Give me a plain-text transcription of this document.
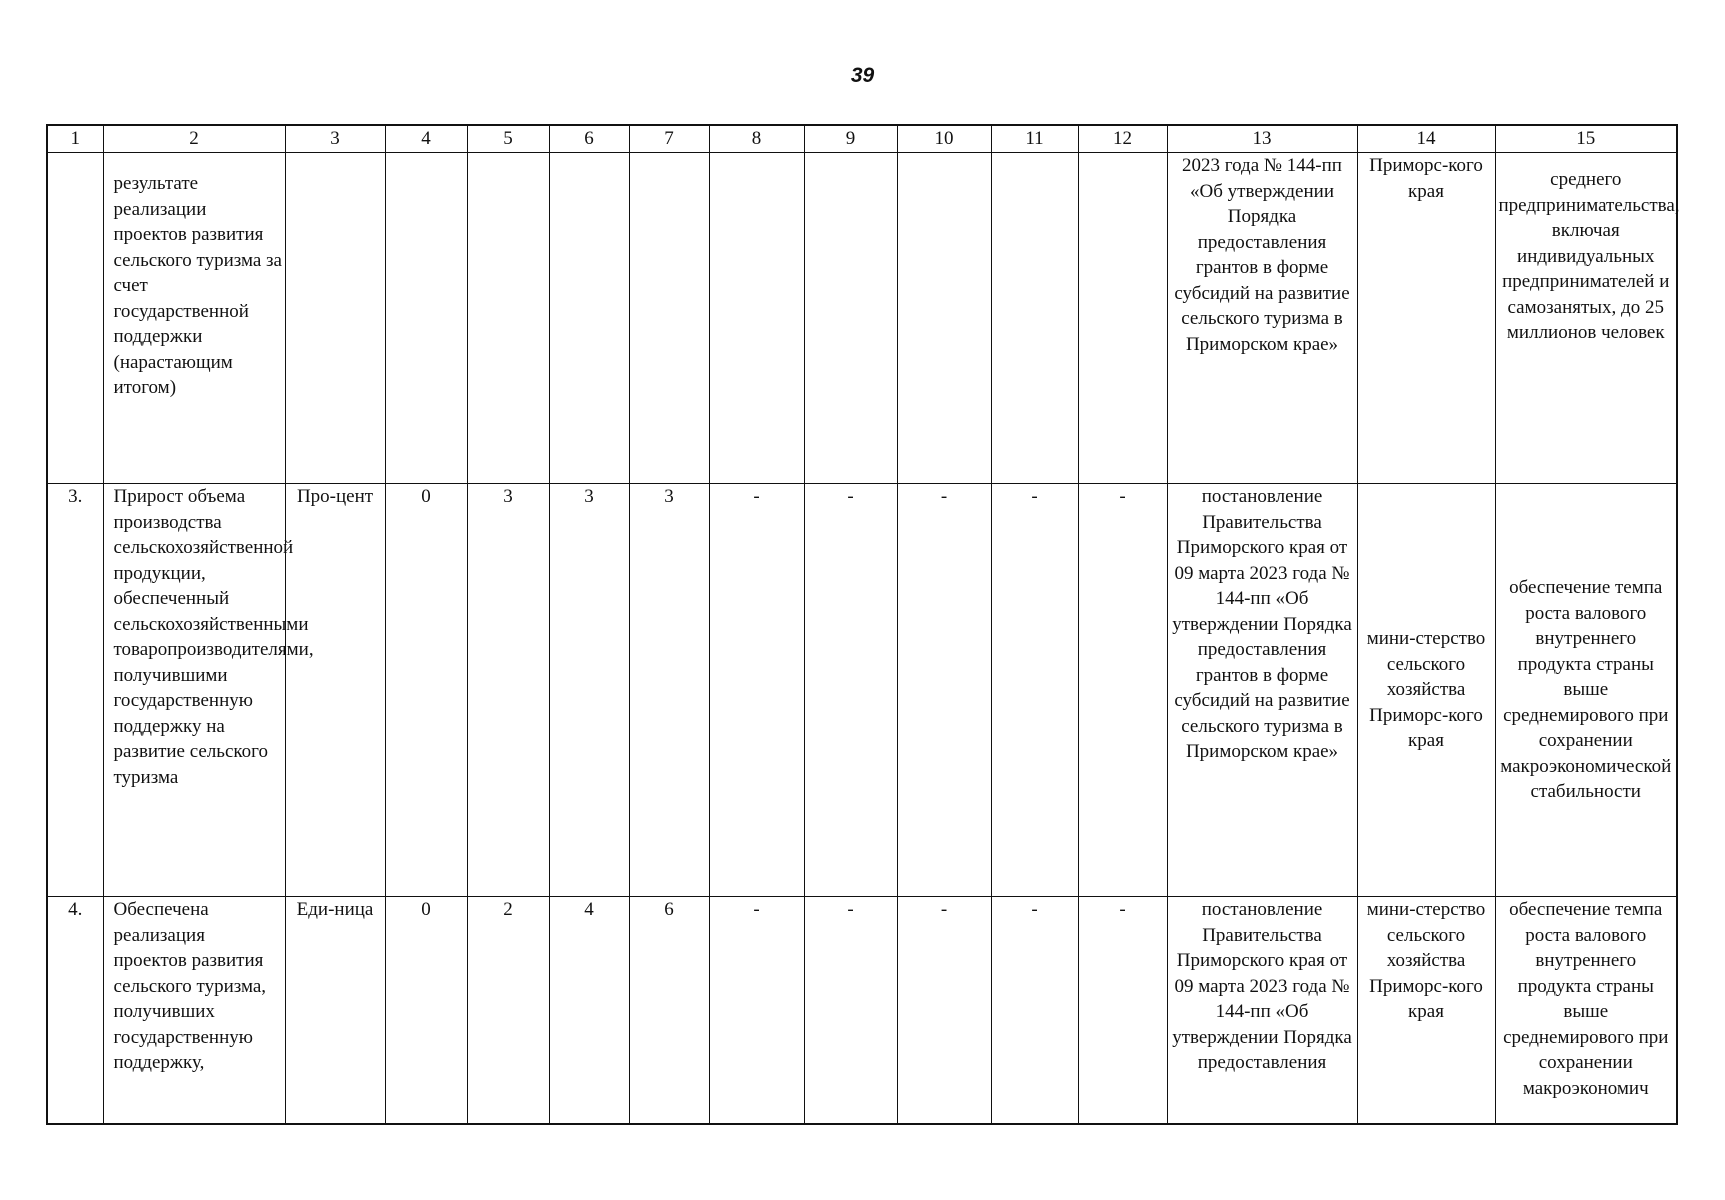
39
1	2	3	4	5	6	7	8	9	10	11	12	13	14	15
	результате реализации проектов развития сельского туризма за счет государственной поддержки (нарастающим итогом)											2023 года № 144-пп «Об утверждении Порядка предоставления грантов в форме субсидий на развитие сельского туризма в Приморском крае»	Приморс-кого края	среднего предпринимательства, включая индивидуальных предпринимателей и самозанятых, до 25 миллионов человек
3.	Прирост объема производства сельскохозяйственной продукции, обеспеченный сельскохозяйственными товаропроизводителями, получившими государственную поддержку на развитие сельского туризма	Про-цент	0	3	3	3	-	-	-	-	-	постановление Правительства Приморского края от 09 марта 2023 года № 144-пп «Об утверждении Порядка предоставления грантов в форме субсидий на развитие сельского туризма в Приморском крае»	мини-стерство сельского хозяйства Приморс-кого края	обеспечение темпа роста валового внутреннего продукта страны выше среднемирового при сохранении макроэкономической стабильности
4.	Обеспечена реализация проектов развития сельского туризма, получивших государственную поддержку,	Еди-ница	0	2	4	6	-	-	-	-	-	постановление Правительства Приморского края от 09 марта 2023 года № 144-пп «Об утверждении Порядка предоставления	мини-стерство сельского хозяйства Приморс-кого края	обеспечение темпа роста валового внутреннего продукта страны выше среднемирового при сохранении макроэкономич
